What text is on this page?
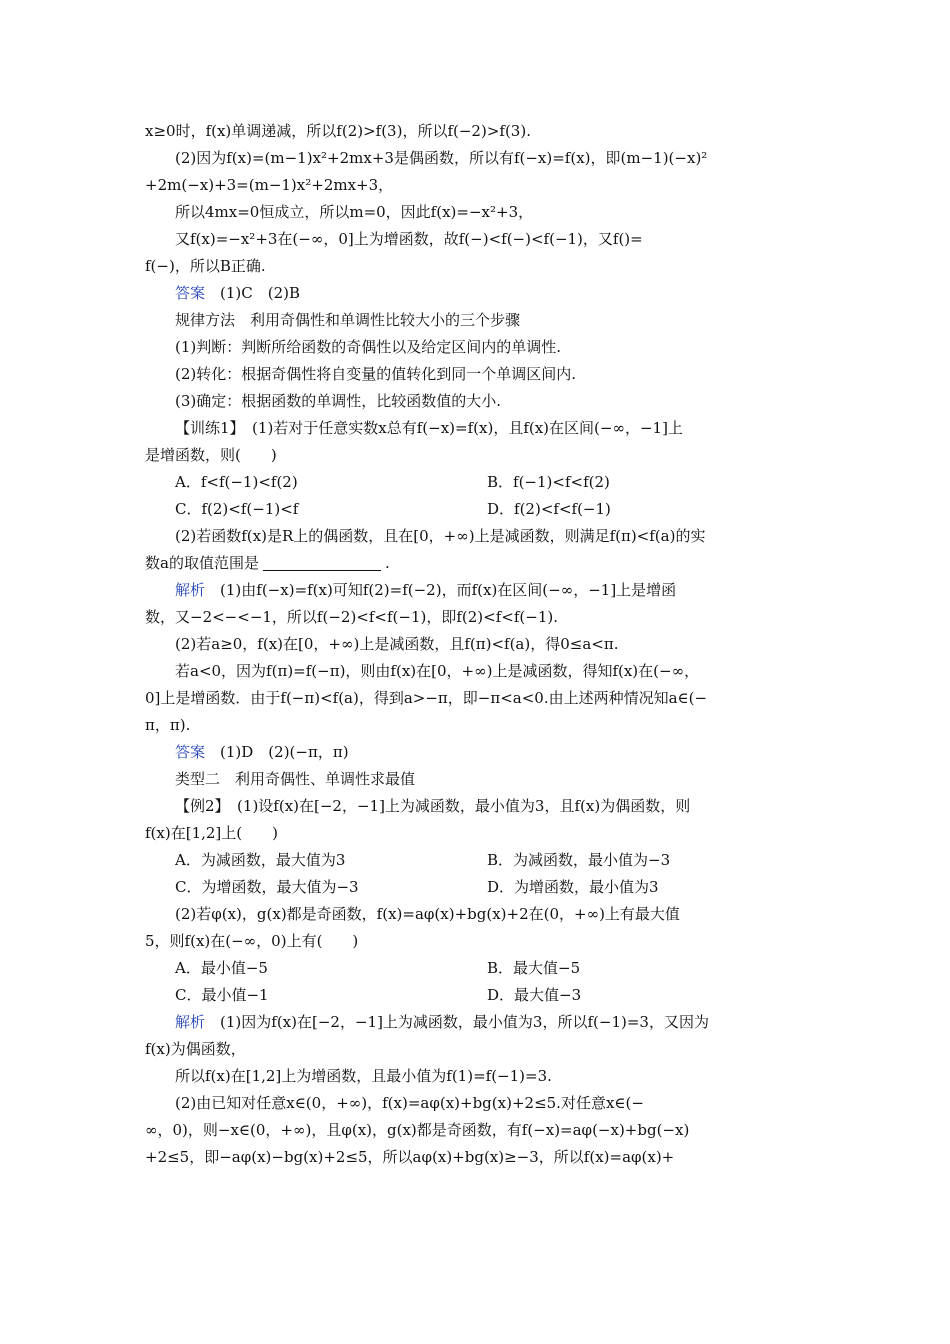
x≥0时，f(x)单调递减，所以f(2)>f(3)，所以f(−2)>f(3).
(2)因为f(x)=(m−1)x²+2mx+3是偶函数，所以有f(−x)=f(x)，即(m−1)(−x)²
+2m(−x)+3=(m−1)x²+2mx+3，
所以4mx=0恒成立，所以m=0，因此f(x)=−x²+3，
又f(x)=−x²+3在(−∞，0]上为增函数，故f(−)<f(−)<f(−1)，又f()=
f(−)，所以B正确.
答案　 (1)C　(2)B
规律方法　利用奇偶性和单调性比较大小的三个步骤
(1)判断：判断所给函数的奇偶性以及给定区间内的单调性.
(2)转化：根据奇偶性将自变量的值转化到同一个单调区间内.
(3)确定：根据函数的单调性，比较函数值的大小.
【训练1】　(1)若对于任意实数x总有f(−x)=f(x)，且f(x)在区间(−∞，−1]上
是增函数，则(　　)
A．f<f(−1)<f(2)	B．f(−1)<f<f(2)
C．f(2)<f(−1)<f	D．f(2)<f<f(−1)
(2)若函数f(x)是R上的偶函数，且在[0，+∞)上是减函数，则满足f(π)<f(a)的实
数a的取值范围是	.
解析　 (1)由f(−x)=f(x)可知f(2)=f(−2)，而f(x)在区间(−∞，−1]上是增函
数，又−2<−<−1，所以f(−2)<f<f(−1)，即f(2)<f<f(−1).
(2)若a≥0，f(x)在[0，+∞)上是减函数，且f(π)<f(a)，得0≤a<π.
若a<0，因为f(π)=f(−π)，则由f(x)在[0，+∞)上是减函数，得知f(x)在(−∞，
0]上是增函数．由于f(−π)<f(a)，得到a>−π，即−π<a<0.由上述两种情况知a∈(−
π，π).
答案　 (1)D　(2)(−π，π)
类型二　利用奇偶性、单调性求最值
【例2】　(1)设f(x)在[−2，−1]上为减函数，最小值为3，且f(x)为偶函数，则
f(x)在[1,2]上(　　)
A．为减函数，最大值为3	B．为减函数，最小值为−3
C．为增函数，最大值为−3	D．为增函数，最小值为3
(2)若φ(x)，g(x)都是奇函数，f(x)=aφ(x)+bg(x)+2在(0，+∞)上有最大值
5，则f(x)在(−∞，0)上有(　　)
A．最小值−5	B．最大值−5
C．最小值−1	D．最大值−3
解析　 (1)因为f(x)在[−2，−1]上为减函数，最小值为3，所以f(−1)=3，又因为
f(x)为偶函数，
所以f(x)在[1,2]上为增函数，且最小值为f(1)=f(−1)=3.
(2)由已知对任意x∈(0，+∞)，f(x)=aφ(x)+bg(x)+2≤5.对任意x∈(−
∞，0)，则−x∈(0，+∞)，且φ(x)，g(x)都是奇函数，有f(−x)=aφ(−x)+bg(−x)
+2≤5，即−aφ(x)−bg(x)+2≤5，所以aφ(x)+bg(x)≥−3，所以f(x)=aφ(x)+
